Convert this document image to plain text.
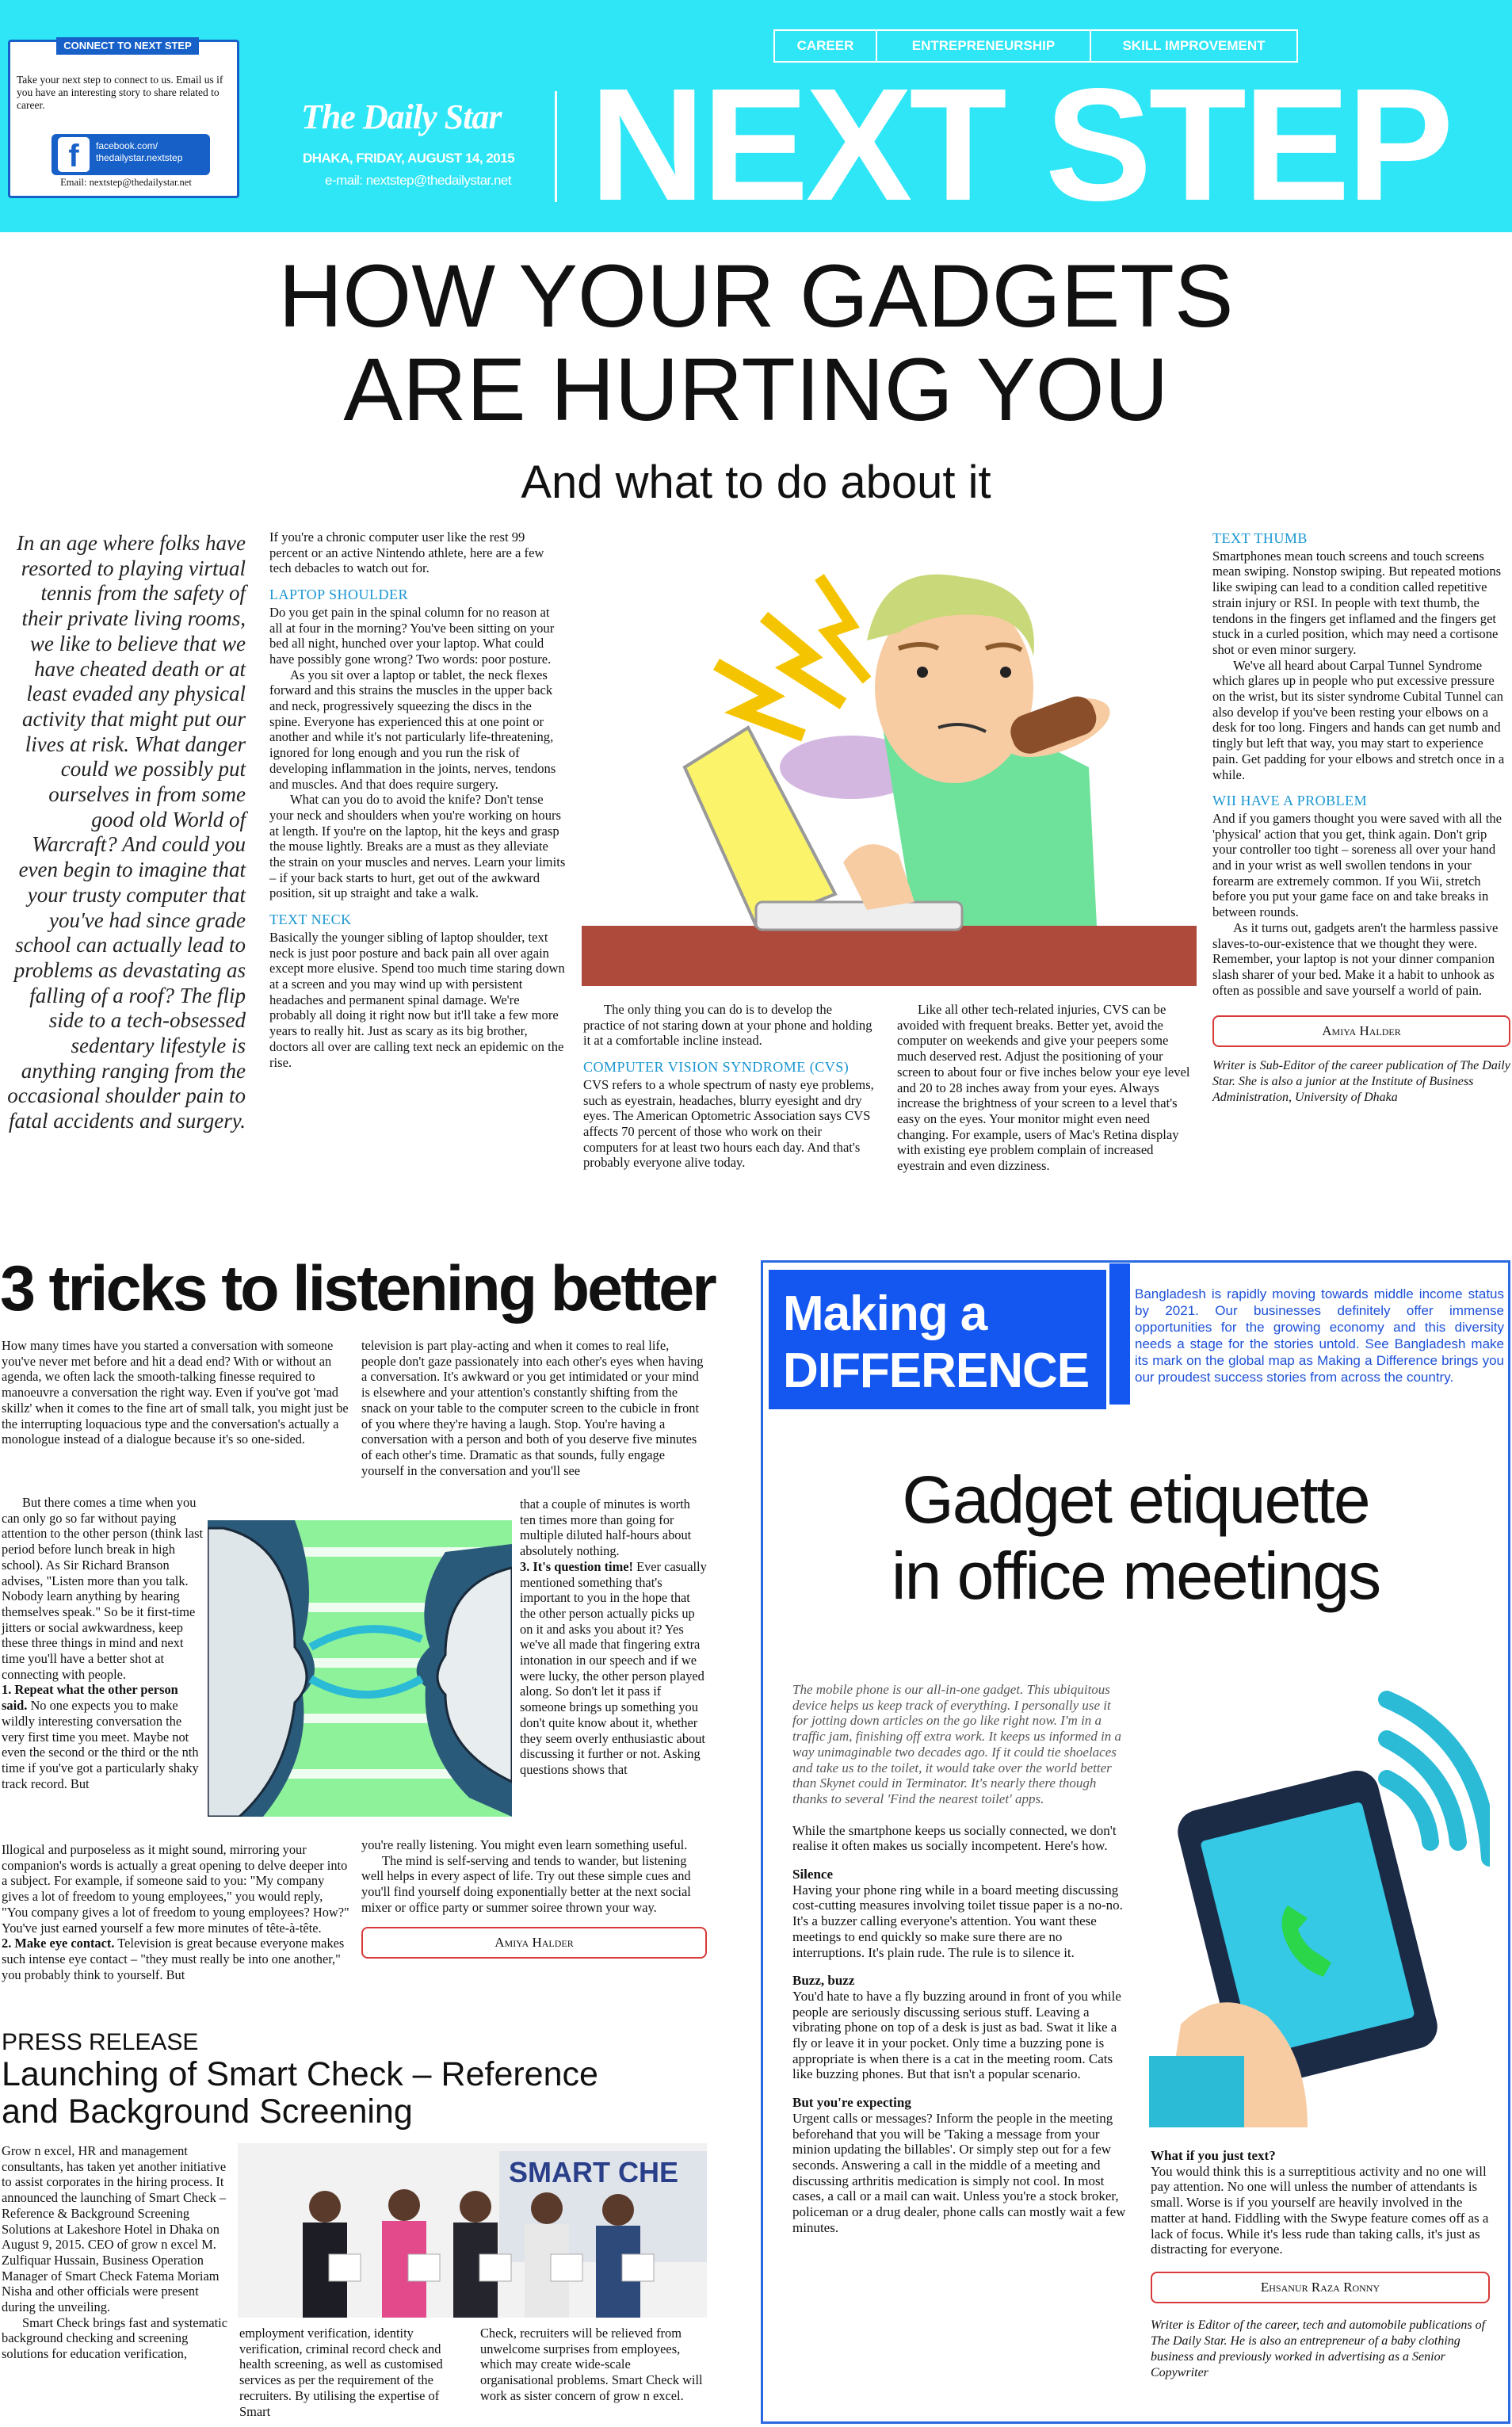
CONNECT TO NEXT STEP

Take your next step to connect to us. Email us if you have an interesting story to share related to career.

f	facebook.com/ thedailystar.nextstep

Email: nextstep@thedailystar.net

The Daily Star
DHAKA, FRIDAY, AUGUST 14, 2015
e-mail: nextstep@thedailystar.net
CAREER	ENTREPRENEURSHIP	SKILL IMPROVEMENT
NEXT STEP
HOW YOUR GADGETS
ARE HURTING YOU
And what to do about it

In an age where folks have resorted to playing virtual tennis from the safety of their private living rooms, we like to believe that we have cheated death or at least evaded any physical activity that might put our lives at risk. What danger could we possibly put ourselves in from some good old World of Warcraft? And could you even begin to imagine that your trusty computer that you've had since grade school can actually lead to problems as devastating as falling of a roof? The flip side to a tech-obsessed sedentary lifestyle is anything ranging from the occasional shoulder pain to fatal accidents and surgery.

If you're a chronic computer user like the rest 99 percent or an active Nintendo athlete, here are a few tech debacles to watch out for.

LAPTOP SHOULDER

Do you get pain in the spinal column for no reason at all at four in the morning? You've been sitting on your bed all night, hunched over your laptop. What could have possibly gone wrong? Two words: poor posture.

As you sit over a laptop or tablet, the neck flexes forward and this strains the muscles in the upper back and neck, progressively squeezing the discs in the spine. Everyone has experienced this at one point or another and while it's not particularly life-threatening, ignored for long enough and you run the risk of developing inflammation in the joints, nerves, tendons and muscles. And that does require surgery.

What can you do to avoid the knife? Don't tense your neck and shoulders when you're working on hours at length. If you're on the laptop, hit the keys and grasp the mouse lightly. Breaks are a must as they alleviate the strain on your muscles and nerves. Learn your limits – if your back starts to hurt, get out of the awkward position, sit up straight and take a walk.

TEXT NECK

Basically the younger sibling of laptop shoulder, text neck is just poor posture and back pain all over again except more elusive. Spend too much time staring down at a screen and you may wind up with persistent headaches and permanent spinal damage. We're probably all doing it right now but it'll take a few more years to really hit. Just as scary as its big brother, doctors all over are calling text neck an epidemic on the rise.

The only thing you can do is to develop the practice of not staring down at your phone and holding it at a comfortable incline instead.

COMPUTER VISION SYNDROME (CVS)

CVS refers to a whole spectrum of nasty eye problems, such as eyestrain, headaches, blurry eyesight and dry eyes. The American Optometric Association says CVS affects 70 percent of those who work on their computers for at least two hours each day. And that's probably everyone alive today.

Like all other tech-related injuries, CVS can be avoided with frequent breaks. Better yet, avoid the computer on weekends and give your peepers some much deserved rest. Adjust the positioning of your screen to about four or five inches below your eye level and 20 to 28 inches away from your eyes. Always increase the brightness of your screen to a level that's easy on the eyes. Your monitor might even need changing. For example, users of Mac's Retina display with existing eye problem complain of increased eyestrain and even dizziness.

TEXT THUMB

Smartphones mean touch screens and touch screens mean swiping. Nonstop swiping. But repeated motions like swiping can lead to a condition called repetitive strain injury or RSI. In people with text thumb, the tendons in the fingers get inflamed and the fingers get stuck in a curled position, which may need a cortisone shot or even minor surgery.

We've all heard about Carpal Tunnel Syndrome which glares up in people who put excessive pressure on the wrist, but its sister syndrome Cubital Tunnel can also develop if you've been resting your elbows on a desk for too long. Fingers and hands can get numb and tingly but left that way, you may start to experience pain. Get padding for your elbows and stretch once in a while.

WII HAVE A PROBLEM

And if you gamers thought you were saved with all the 'physical' action that you get, think again. Don't grip your controller too tight – soreness all over your hand and in your wrist as well swollen tendons in your forearm are extremely common. If you Wii, stretch before you put your game face on and take breaks in between rounds.

As it turns out, gadgets aren't the harmless passive slaves-to-our-existence that we thought they were. Remember, your laptop is not your dinner companion slash sharer of your bed. Make it a habit to unhook as often as possible and save yourself a world of pain.

Amiya Halder

Writer is Sub-Editor of the career publication of The Daily Star. She is also a junior at the Institute of Business Administration, University of Dhaka

3 tricks to listening better

How many times have you started a conversation with someone you've never met before and hit a dead end? With or without an agenda, we often lack the smooth-talking finesse required to manoeuvre a conversation the right way. Even if you've got 'mad skillz' when it comes to the fine art of small talk, you might just be the interrupting loquacious type and the conversation's actually a monologue instead of a dialogue because it's so one-sided.

But there comes a time when you can only go so far without paying attention to the other person (think last period before lunch break in high school). As Sir Richard Branson advises, "Listen more than you talk. Nobody learn anything by hearing themselves speak." So be it first-time jitters or social awkwardness, keep these three things in mind and next time you'll have a better shot at connecting with people.

1. Repeat what the other person said. No one expects you to make wildly interesting conversation the very first time you meet. Maybe not even the second or the third or the nth time if you've got a particularly shaky track record. But

Illogical and purposeless as it might sound, mirroring your companion's words is actually a great opening to delve deeper into a subject. For example, if someone said to you: "My company gives a lot of freedom to young employees," you would reply, "You company gives a lot of freedom to young employees? How?" You've just earned yourself a few more minutes of tête-à-tête.

2. Make eye contact. Television is great because everyone makes such intense eye contact – "they must really be into one another," you probably think to yourself. But

television is part play-acting and when it comes to real life, people don't gaze passionately into each other's eyes when having a conversation. It's awkward or you get intimidated or your mind is elsewhere and your attention's constantly shifting from the snack on your table to the computer screen to the cubicle in front of you where they're having a laugh. Stop. You're having a conversation with a person and both of you deserve five minutes of each other's time. Dramatic as that sounds, fully engage yourself in the conversation and you'll see

that a couple of minutes is worth ten times more than going for multiple diluted half-hours about absolutely nothing.

3. It's question time! Ever casually mentioned something that's important to you in the hope that the other person actually picks up on it and asks you about it? Yes we've all made that fingering extra intonation in our speech and if we were lucky, the other person played along. So don't let it pass if someone brings up something you don't quite know about it, whether they seem overly enthusiastic about discussing it further or not. Asking questions shows that

you're really listening. You might even learn something useful.

The mind is self-serving and tends to wander, but listening well helps in every aspect of life. Try out these simple cues and you'll find yourself doing exponentially better at the next social mixer or office party or summer soiree thrown your way.

Amiya Halder
PRESS RELEASE
Launching of Smart Check – Reference and Background Screening

Grow n excel, HR and management consultants, has taken yet another initiative to assist corporates in the hiring process. It announced the launching of Smart Check – Reference & Background Screening Solutions at Lakeshore Hotel in Dhaka on August 9, 2015. CEO of grow n excel M. Zulfiquar Hussain, Business Operation Manager of Smart Check Fatema Moriam Nisha and other officials were present during the unveiling.

Smart Check brings fast and systematic background checking and screening solutions for education verification,

SMART CHE

employment verification, identity verification, criminal record check and health screening, as well as customised services as per the requirement of the recruiters. By utilising the expertise of Smart

Check, recruiters will be relieved from unwelcome surprises from employees, which may create wide-scale organisational problems. Smart Check will work as sister concern of grow n excel.

Making a
DIFFERENCE

Bangladesh is rapidly moving towards middle income status by 2021. Our businesses definitely offer immense opportunities for the growing economy and this diversity needs a stage for the stories untold. See Bangladesh make its mark on the global map as Making a Difference brings you our proudest success stories from across the country.

Gadget etiquette
in office meetings

The mobile phone is our all-in-one gadget. This ubiquitous device helps us keep track of everything. I personally use it for jotting down articles on the go like right now. I'm in a traffic jam, finishing off extra work. It keeps us informed in a way unimaginable two decades ago. If it could tie shoelaces and take us to the toilet, it would take over the world better than Skynet could in Terminator. It's nearly there though thanks to several 'Find the nearest toilet' apps.

While the smartphone keeps us socially connected, we don't realise it often makes us socially incompetent. Here's how.

Silence

Having your phone ring while in a board meeting discussing cost-cutting measures involving toilet tissue paper is a no-no. It's a buzzer calling everyone's attention. You want these meetings to end quickly so make sure there are no interruptions. It's plain rude. The rule is to silence it.

Buzz, buzz

You'd hate to have a fly buzzing around in front of you while people are seriously discussing serious stuff. Leaving a vibrating phone on top of a desk is just as bad. Swat it like a fly or leave it in your pocket. Only time a buzzing pone is appropriate is when there is a cat in the meeting room. Cats like buzzing phones. But that isn't a popular scenario.

But you're expecting

Urgent calls or messages? Inform the people in the meeting beforehand that you will be 'Taking a message from your minion updating the billables'. Or simply step out for a few seconds. Answering a call in the middle of a meeting and discussing arthritis medication is simply not cool. In most cases, a call or a mail can wait. Unless you're a stock broker, policeman or a drug dealer, phone calls can mostly wait a few minutes.

What if you just text?

You would think this is a surreptitious activity and no one will pay attention. No one will unless the number of attendants is small. Worse is if you yourself are heavily involved in the matter at hand. Fiddling with the Swype feature comes off as a lack of focus. While it's less rude than taking calls, it's just as distracting for everyone.

Ehsanur Raza Ronny

Writer is Editor of the career, tech and automobile publications of The Daily Star. He is also an entrepreneur of a baby clothing business and previously worked in advertising as a Senior Copywriter
